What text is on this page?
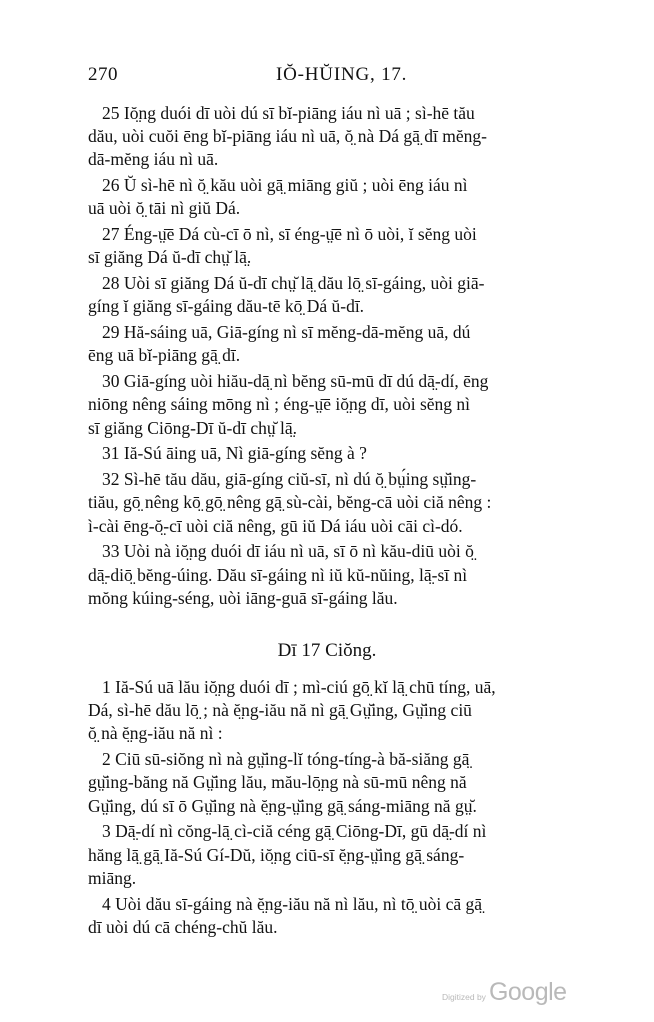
270	IŎ-HŬING, 17.
25 Iŏ̤ng duói dī uòi dú sī bĭ-piāng iáu nì uā ; sì-hē tău
dău, uòi cuŏi ēng bĭ-piāng iáu nì uā, ŏ̤ nà Dá gā̤ dī mĕng-
dā-mĕng iáu nì uā.
26 Ŭ sì-hē nì ŏ̤ kău uòi gā̤ miāng giŭ ; uòi ēng iáu nì
uā uòi ŏ̤ tāi nì giŭ Dá.
27 Éng-ṳ̄ē Dá cù-cī ō nì, sī éng-ṳ̄ē nì ō uòi, ĭ sĕng uòi
sī giăng Dá ŭ-dī chṳ̆ lā̤.
28 Uòi sī giăng Dá ŭ-dī chṳ̆ lā̤ dău lō̤ sī-gáing, uòi giā-
gíng ĭ giăng sī-gáing dău-tē kō̤ Dá ŭ-dī.
29 Hă-sáing uā, Giā-gíng nì sī mĕng-dā-mĕng uā, dú
ēng uā bĭ-piāng gā̤ dī.
30 Giā-gíng uòi hiău-dā̤ nì bĕng sū-mū dī dú dā̤-dí, ēng
niōng nêng sáing mōng nì ; éng-ṳ̄ē iŏ̤ng dī, uòi sĕng nì
sī giăng Ciōng-Dī ŭ-dī chṳ̆ lā̤.
31 Iă-Sú āing uā, Nì giā-gíng sĕng à ?
32 Sì-hē tău dău, giā-gíng ciŭ-sī, nì dú ŏ̤ bṳ́ing sṳ̆ing-
tiău, gō̤ nêng kō̤ gō̤ nêng gā̤ sù-cài, bĕng-cā uòi ciă nêng :
ì-cài ēng-ŏ̤-cī uòi ciă nêng, gū iŭ Dá iáu uòi cāi cì-dó.
33 Uòi nà iŏ̤ng duói dī iáu nì uā, sī ō nì kău-diū uòi ŏ̤
dā̤-diō̤ bĕng-úing. Dău sī-gáing nì iŭ kŭ-nŭing, lā̤-sī nì
mŏng kúing-séng, uòi iāng-guā sī-gáing lău.
Dī 17 Ciŏng.
1 Iă-Sú uā lău iŏ̤ng duói dī ; mì-ciú gō̤ kĭ lā̤ chū tíng, uā,
Dá, sì-hē dău lō̤ ; nà ĕ̤ng-iău nă nì gā̤ Gṳ̆ing, Gṳ̆ing ciū
ŏ̤ nà ĕ̤ng-iău nă nì :
2 Ciū sū-siŏng nì nà gṳ̆ing-lĭ tóng-tíng-à bă-siăng gā̤
gṳ̆ing-băng nă Gṳ̆ing lău, mău-lō̤ng nà sū-mū nêng nă
Gṳ̆ing, dú sī ō Gṳ̆ing nà ĕ̤ng-ṳ̆ing gā̤ sáng-miāng nă gṳ̆.
3 Dā̤-dí nì cŏng-lā̤ cì-ciă céng gā̤ Ciōng-Dī, gū dā̤-dí nì
hăng lā̤ gā̤ Iă-Sú Gí-Dŭ, iŏ̤ng ciū-sī ĕ̤ng-ṳ̆ing gā̤ sáng-
miāng.
4 Uòi dău sī-gáing nà ĕ̤ng-iău nă nì lău, nì tō̤ uòi cā gā̤
dī uòi dú cā chéng-chŭ lău.
Digitized by Google
